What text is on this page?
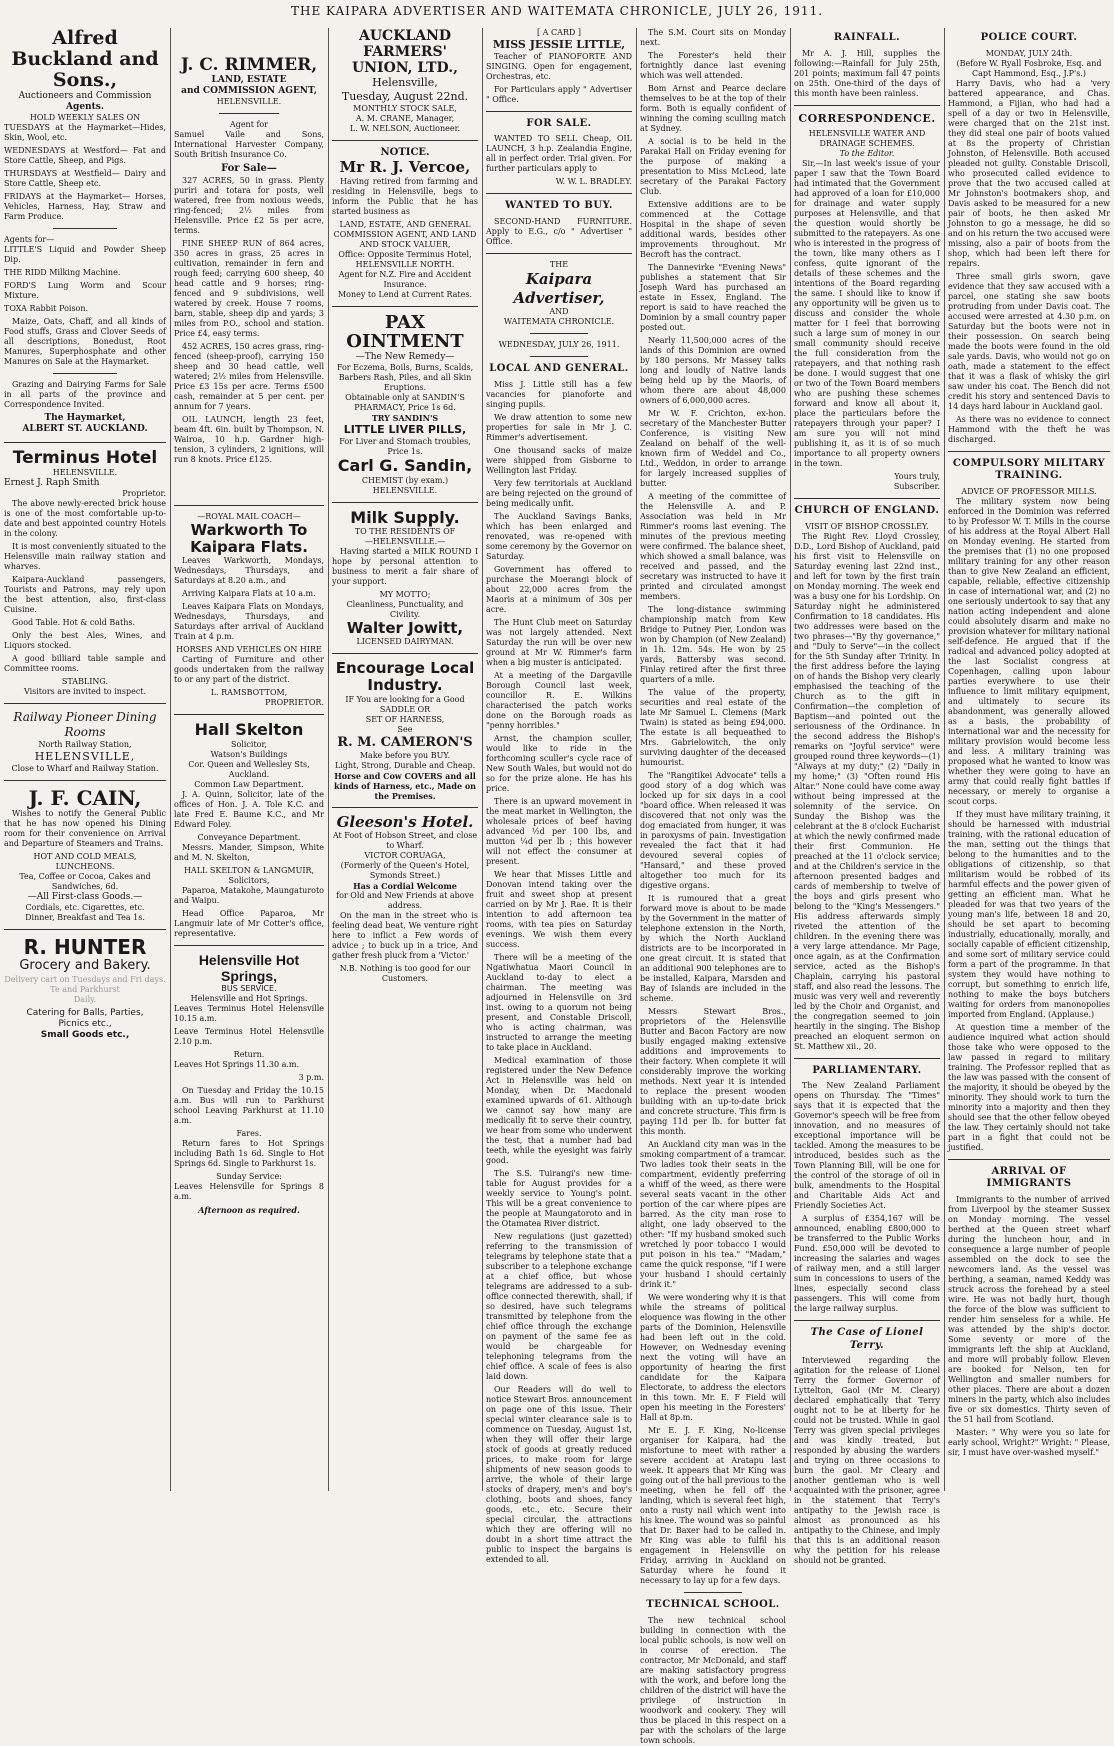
THE KAIPARA ADVERTISER AND WAITEMATA CHRONICLE, JULY 26, 1911.
Alfred Buckland and Sons.,
Auctioneers and Commission
Agents.
HOLD WEEKLY SALES ON

TUESDAYS at the Haymarket—Hides, Skin, Wool, etc.

WEDNESDAYS at Westford— Fat and Store Cattle, Sheep, and Pigs.

THURSDAYS at Westfield— Dairy and Store Cattle, Sheep etc.

FRIDAYS at the Haymarket— Horses, Vehicles, Harness, Hay, Straw and Farm Produce.

Agents for—

LITTLE'S Liquid and Powder Sheep Dip.

THE RIDD Milking Machine.

FORD'S Lung Worm and Scour Mixture.

TOXA Rabbit Poison.

Maize, Oats, Chaff, and all kinds of Food stuffs, Grass and Clover Seeds of all descriptions, Bonedust, Root Manures, Superphosphate and other Manures on Sale at the Haymarket.

Grazing and Dairying Farms for Sale in all parts of the province and Correspondence Invited.

The Haymarket,
ALBERT ST. AUCKLAND.
Terminus Hotel
HELENSVILLE.
Ernest J. Raph Smith
Proprietor.

The above newly-erected brick house is one of the most comfortable up-to-date and best appointed country Hotels in the colony.

It is most conveniently situated to the Helensville main railway station and wharves.

Kaipara-Auckland passengers, Tourists and Patrons, may rely upon the best attention, also, first-class Cuisine.

Good Table. Hot & cold Baths.

Only the best Ales, Wines, and Liquors stocked.

A good billiard table sample and Committee rooms.

STABLING.
Visitors are invited to inspect.
Railway Pioneer Dining Rooms
North Railway Station,
HELENSVILLE,
Close to Wharf and Railway Station.
J. F. CAIN,

Wishes to notify the General Public that he has now opened his Dining room for their convenience on Arrival and Departure of Steamers and Trains.

HOT AND COLD MEALS, LUNCHEONS.
Tea, Coffee or Cocoa, Cakes and Sandwiches, 6d.
—All First-class Goods.—
Cordials, etc. Cigarettes, etc.
Dinner, Breakfast and Tea 1s.
R. HUNTER
Grocery and Bakery.
Delivery cart on Tuesdays and Fri days.
Te and Parkhurst
Daily.
Catering for Balls, Parties,
Picnics etc.,
Small Goods etc.,
J. C. RIMMER,
LAND, ESTATE
and COMMISSION AGENT,
HELENSVILLE.
Agent for

Samuel Vaile and Sons, International Harvester Company, South British Insurance Co.

For Sale—

327 ACRES, 50 in grass. Plenty puriri and totara for posts, well watered, free from noxious weeds, ring-fenced; 2½ miles from Helensville. Price £2 5s per acre, terms.

FINE SHEEP RUN of 864 acres, 350 acres in grass, 25 acres in cultivation, remainder in fern and rough feed; carrying 600 sheep, 40 head cattle and 9 horses; ring-fenced and 9 subdivisions, well watered by creek. House 7 rooms, barn, stable, sheep dip and yards; 3 miles from P.O., school and station. Price £4, easy terms.

452 ACRES, 150 acres grass, ring-fenced (sheep-proof), carrying 150 sheep and 30 head cattle, well watered; 2½ miles from Helensville. Price £3 15s per acre. Terms £500 cash, remainder at 5 per cent. per annum for 7 years.

OIL LAUNCH, length 23 feet, beam 4ft. 6in. built by Thompson, N. Wairoa, 10 h.p. Gardner high-tension, 3 cylinders, 2 ignitions, will run 8 knots. Price £125.

—ROYAL MAIL COACH—
Warkworth To Kaipara Flats.

Leaves Warkworth, Mondays, Wednesdays, Thursdays, and Saturdays at 8.20 a.m., and

Arriving Kaipara Flats at 10 a.m.

Leaves Kaipara Flats on Mondays, Wednesdays, Thursdays, and Saturdays after arrival of Auckland Train at 4 p.m.

HORSES AND VEHICLES ON HIRE

Carting of Furniture and other goods undertaken from the railway to or any part of the district.

L. RAMSBOTTOM,
PROPRIETOR.
Hall Skelton
Solicitor,
Watson's Buildings
Cor. Queen and Wellesley Sts, Auckland.
Common Law Department.

J. A. Quinn, Solicitor, late of the offices of Hon. J. A. Tole K.C. and late Fred E. Baume K.C., and Mr Edward Foley.

Conveyance Department.

Messrs. Mander, Simpson, White and M. N. Skelton,

HALL SKELTON & LANGMUIR,
Solicitors,

Paparoa, Matakohe, Maungaturoto and Waipu.

Head Office Paparoa, Mr Langmuir late of Mr Cotter's office, representative.

Helensville Hot Springs,
BUS SERVICE.
Helensville and Hot Springs.

Leaves Terminus Hotel Helensville 10.15 a.m.

Leave Terminus Hotel Helensville 2.10 p.m.

Return.

Leaves Hot Springs 11.30 a.m.

3 p.m.

On Tuesday and Friday the 10.15 a.m. Bus will run to Parkhurst school Leaving Parkhurst at 11.10 a.m.

Fares.

Return fares to Hot Springs including Bath 1s 6d. Single to Hot Springs 6d. Single to Parkhurst 1s.

Sunday Service:

Leaves Helensville for Springs 8 a.m.

Afternoon as required.
AUCKLAND FARMERS' UNION, LTD.,
Helensville,
Tuesday, August 22nd.
MONTHLY STOCK SALE,
A. M. CRANE, Manager,
L. W. NELSON, Auctioneer.
NOTICE.
Mr R. J. Vercoe,

Having retired from farming and residing in Helensville, begs to inform the Public that he has started business as

LAND, ESTATE, AND GENERAL COMMISSION AGENT, AND LAND AND STOCK VALUER,
Office: Opposite Terminus Hotel, HELENSVILLE NORTH.
Agent for N.Z. Fire and Accident Insurance.
Money to Lend at Current Rates.
PAX OINTMENT
—The New Remedy—
For Eczema, Boils, Burns, Scalds, Barbers Rash, Piles, and all Skin Eruptions.
Obtainable only at SANDIN'S PHARMACY, Price 1s 6d.
TRY SANDIN'S
LITTLE LIVER PILLS,
For Liver and Stomach troubles, Price 1s.
Carl G. Sandin,
CHEMIST (by exam.) HELENSVILLE.
Milk Supply.
TO THE RESIDENTS OF
—HELENSVILLE.—

Having started a MILK ROUND I hope by personal attention to business to merit a fair share of your support.

MY MOTTO;
Cleanliness, Punctuality, and Civility.
Walter Jowitt,
LICENSED DAIRYMAN.
Encourage Local Industry.
IF You are looking for a Good
SADDLE OR
SET OF HARNESS,
See
R. M. CAMERON'S
Make before you BUY.
Light, Strong, Durable and Cheap.
Horse and Cow COVERS and all kinds of Harness, etc., Made on the Premises.
Gleeson's Hotel.
At Foot of Hobson Street, and close to Wharf.
VICTOR CORUAGA,
(Formerly of the Queen's Hotel, Symonds Street.)
Has a Cordial Welcome
for Old and New Friends at above address.

On the man in the street who is feeling dead beat, We venture right here to inflict a Few words of advice ; to buck up in a trice, And gather fresh pluck from a 'Victor.'

N.B. Nothing is too good for our Customers.
[ A CARD ]
MISS JESSIE LITTLE,

Teacher of PIANOFORTE AND SINGING. Open for engagement, Orchestras, etc.

For Particulars apply " Advertiser " Office.

FOR SALE.

WANTED TO SELL Cheap, OIL LAUNCH, 3 h.p. Zealandia Engine, all in perfect order. Trial given. For further particulars apply to

W. W. L. BRADLEY.
WANTED TO BUY.

SECOND-HAND FURNITURE. Apply to E.G., c/o " Advertiser " Office.

THE
Kaipara Advertiser,
AND
WAITEMATA CHRONICLE.
WEDNESDAY, JULY 26, 1911.
LOCAL AND GENERAL.

Miss J. Little still has a few vacancies for pianoforte and singing pupils.

We draw attention to some new properties for sale in Mr J. C. Rimmer's advertisement.

One thousand sacks of maize were shipped from Gisborne to Wellington last Friday.

Very few territorials at Auckland are being rejected on the ground of being medically unfit.

The Auckland Savings Banks, which has been enlarged and renovated, was re-opened with some ceremony by the Governor on Saturday.

Government has offered to purchase the Moerangi block of about 22,000 acres from the Maoris at a minimum of 30s per acre.

The Hunt Club meet on Saturday was not largely attended. Next Saturday the run will be over new ground at Mr W. Rimmer's farm when a big muster is anticipated.

At a meeting of the Dargaville Borough Council last week, councillor R. E. Wilkins characterised the patch works done on the Borough roads as "penny horribles."

Arnst, the champion sculler, would like to ride in the forthcoming sculler's cycle race of New South Wales, but would not do so for the prize alone. He has his price.

There is an upward movement in the meat market in Wellington, the wholesale prices of beef having advanced ½d per 100 lbs, and mutton ¼d per lb ; this however will not effect the consumer at present.

We hear that Misses Little and Donovan intend taking over the fruit and sweet shop at present carried on by Mr J. Rae. It is their intention to add afternoon tea rooms, with tea pies on Saturday evenings. We wish them every success.

There will be a meeting of the Ngatiwhatua Maori Council in Auckland to-day to elect a chairman. The meeting was adjourned in Helensville on 3rd inst. owing to a quorum not being present, and Constable Driscoll, who is acting chairman, was instructed to arrange the meeting to take place in Auckland.

Medical examination of those registered under the New Defence Act in Helensville was held on Monday, when Dr. Macdonald examined upwards of 61. Although we cannot say how many are medically fit to serve their country, we hear from some who underwent the test, that a number had bad teeth, while the eyesight was fairly good.

The S.S. Tuirangi's new time-table for August provides for a weekly service to Young's point. This will be a great convenience to the people at Maungatoroto and in the Otamatea River district.

New regulations (just gazetted) referring to the transmission of telegrams by telephone state that a subscriber to a telephone exchange at a chief office, but whose telegrams are addressed to a sub-office connected therewith, shall, if so desired, have such telegrams transmitted by telephone from the chief office through the exchange on payment of the same fee as would be chargeable for telephoning telegrams from the chief office. A scale of fees is also laid down.

Our Readers will do well to notice Stewart Bros. announcement on page one of this issue. Their special winter clearance sale is to commence on Tuesday, August 1st, when they will offer their large stock of goods at greatly reduced prices, to make room for large shipments of new season goods to arrive, the whole of their large stocks of drapery, men's and boy's clothing, boots and shoes, fancy goods, etc., etc. Secure their special circular, the attractions which they are offering will no doubt in a short time attract the public to inspect the bargains is extended to all.

The S.M. Court sits on Monday next.

The Forester's held their fortnightly dance last evening which was well attended.

Bom Arnst and Pearce declare themselves to be at the top of their form. Both is equally confident of winning the coming sculling match at Sydney.

A social is to be held in the Parakai Hall on Friday evening for the purpose of making a presentation to Miss McLeod, late secretary of the Parakai Factory Club.

Extensive additions are to be commenced at the Cottage Hospital in the shape of seven additional wards, besides other improvements throughout. Mr Becroft has the contract.

The Dannevirke "Evening News" publishes a statement that Sir Joseph Ward has purchased an estate in Essex, England. The report is said to have reached the Dominion by a small country paper posted out.

Nearly 11,500,000 acres of the lands of this Dominion are owned by 180 persons. Mr Massey talks long and loudly of Native lands being held up by the Maoris, of whom there are about 48,000 owners of 6,000,000 acres.

Mr W. F. Crichton, ex-hon. secretary of the Manchester Butter Conference, is visiting New Zealand on behalf of the well-known firm of Weddel and Co., Ltd., Weddon, in order to arrange for largely increased supplies of butter.

A meeting of the committee of the Helensville A. and P. Association was held in Mr Rimmer's rooms last evening. The minutes of the previous meeting were confirmed. The balance sheet, which showed a small balance, was received and passed, and the secretary was instructed to have it printed and circulated amongst members.

The long-distance swimming championship match from Kew Bridge to Putney Pier, London was won by Champion (of New Zealand) in 1h. 12m. 54s. He won by 25 yards, Battersby was second. Finlay retired after the first three quarters of a mile.

The value of the property, securities and real estate of the late Mr Samuel L. Clemens (Mark Twain) is stated as being £94,000. The estate is all bequeathed to Mrs. Gabrielowitch, the only surviving daughter of the deceased humourist.

The "Rangitikei Advocate" tells a good story of a dog which was locked up for six days in a cool "board office. When released it was discovered that not only was the dog emaciated from hunger, it was in paroxysms of pain. Investigation revealed the fact that it had devoured several copies of "Hansard," and these proved altogether too much for its digestive organs.

It is rumoured that a great forward move is about to be made by the Government in the matter of telephone extension in the North, by which the North Auckland districts are to be incorporated in one great circuit. It is stated that an additional 900 telephones are to be installed, Kaipara, Marsden and Bay of Islands are included in the scheme.

Messrs Stewart Bros., proprietors of the Helensville Butter and Bacon Factory are now busily engaged making extensive additions and improvements to their factory. When complete it will considerably improve the working methods. Next year it is intended to replace the present wooden building with an up-to-date brick and concrete structure. This firm is paying 11d per lb. for butter fat this month.

An Auckland city man was in the smoking compartment of a tramcar. Two ladies took their seats in the compartment, evidently preferring a whiff of the weed, as there were several seats vacant in the other portion of the car where pipes are barred. As the city man rose to alight, one lady observed to the other: "If my husband smoked such wretched ly poor tobacco I would put poison in his tea." "Madam," came the quick response, "if I were your husband I should certainly drink it."

We were wondering why it is that while the streams of political eloquence was flowing in the other parts of the Dominion, Helensville had been left out in the cold. However, on Wednesday evening next the voting will have an opportunity of hearing the first candidate for the Kaipara Electorate, to address the electors in this town. Mr. E. F Field will open his meeting in the Foresters' Hall at 8p.m.

Mr E. J. F. King, No-license organiser for Kaipara, had the misfortune to meet with rather a severe accident at Aratapu last week. It appears that Mr King was going out of the hall previous to the meeting, when he fell off the landing, which is several feet high, onto a rusty nail which went into his knee. The wound was so painful that Dr. Baxer had to be called in. Mr King was able to fulfil his engagement in Helensville on Friday, arriving in Auckland on Saturday where he found it necessary to lay up for a few days.

TECHNICAL SCHOOL.

The new technical school building in connection with the local public schools, is now well on in course of erection. The contractor, Mr McDonald, and staff are making satisfactory progress with the work, and before long the children of the district will have the privilege of instruction in woodwork and cookery. They will thus be placed in this respect on a par with the scholars of the large town schools.

RAINFALL.

Mr A. J. Hill, supplies the following:—Rainfall for July 25th, 201 points; maximum fall 47 points on 25th. One-third of the days of this month have been rainless.

CORRESPONDENCE.
HELENSVILLE WATER AND DRAINAGE SCHEMES.
To the Editor.

Sir,—In last week's issue of your paper I saw that the Town Board had intimated that the Government had approved of a loan for £10,000 for drainage and water supply purposes at Helensville, and that the question would shortly be submitted to the ratepayers. As one who is interested in the progress of the town, like many others as I confess, quite ignorant of the details of these schemes and the intentions of the Board regarding the same. I should like to know if any opportunity will be given us to discuss and consider the whole matter for I feel that borrowing such a large sum of money in our small community should receive the full consideration from the ratepayers, and that nothing rash be done. I would suggest that one or two of the Town Board members who are pushing these schemes forward and know all about it, place the particulars before the ratepayers through your paper? I am sure you will not mind publishing it, as it is of so much importance to all property owners in the town.

Yours truly,
Subscriber.
CHURCH OF ENGLAND.
VISIT OF BISHOP CROSSLEY.

The Right Rev. Lloyd Crossley, D.D., Lord Bishop of Auckland, paid his first visit to Helensville on Saturday evening last 22nd inst., and left for town by the first train on Monday morning. The week end was a busy one for his Lordship. On Saturday night he administered Confirmation to 18 candidates. His two addresses were based on the two phrases—"By thy governance," and "Duly to Serve"—in the collect for the 5th Sunday after Trinity. In the first address before the laying on of hands the Bishop very clearly emphasised the teaching of the Church as to the gift in Confirmation—the completion of Baptism—and pointed out the seriousness of the Ordinance. In the second address the Bishop's remarks on "Joyful service" were grouped round three keywords—(1) "Always at my duty;" (2) "Daily in my home;" (3) "Often round His Altar." None could have come away without being impressed at the solemnity of the service. On Sunday the Bishop was the celebrant at the 8 o'clock Eucharist at which the newly confirmed made their first Communion. He preached at the 11 o'clock service; and at the Children's service in the afternoon presented badges and cards of membership to twelve of the boys and girls present who belong to the "King's Messengers." His address afterwards simply riveted the attention of the children. In the evening there was a very large attendance. Mr Page, once again, as at the Confirmation service, acted as the Bishop's Chaplain, carrying his pastoral staff, and also read the lessons. The music was very well and reverently led by the Choir and Organist, and the congregation seemed to join heartily in the singing. The Bishop preached an eloquent sermon on St. Matthew xii., 20.

PARLIAMENTARY.

The New Zealand Parliament opens on Thursday. The "Times" says that it is expected that the Governor's speech will be free from innovation, and no measures of exceptional importance will be tackled. Among the measures to be introduced, besides such as the Town Planning Bill, will be one for the control of the storage of oil in bulk, amendments to the Hospital and Charitable Aids Act and Friendly Societies Act.

A surplus of £354,167 will be announced, enabling £800,000 to be transferred to the Public Works Fund. £50,000 will be devoted to increasing the salaries and wages of railway men, and a still larger sum in concessions to users of the lines, especially second class passengers. This will come from the large railway surplus.

The Case of Lionel Terry.

Interviewed regarding the agitation for the release of Lionel Terry the former Governor of Lyttelton, Gaol (Mr M. Cleary) declared emphatically that Terry ought not to be at liberty for he could not be trusted. While in gaol Terry was given special privileges and was kindly treated, but responded by abusing the warders and trying on three occasions to burn the gaol. Mr Cleary and another gentleman who is well acquainted with the prisoner, agree in the statement that Terry's antipathy to the Jewish race is almost as pronounced as his antipathy to the Chinese, and imply that this is an additional reason why the petition for his release should not be granted.

POLICE COURT.
MONDAY, JULY 24th.
(Before W. Ryall Fosbroke, Esq. and Capt Hammond, Esq., J.P's.)

Harry Davis, who had a 'very battered appearance, and Chas. Hammond, a Fijian, who had had a spell of a day or two in Helensville, were charged that on the 21st inst. they did steal one pair of boots valued at 8s the property of Christian Johnston, of Helensville. Both accused pleaded not guilty. Constable Driscoll, who prosecuted called evidence to prove that the two accused called at Mr Johnston's bootmakers shop, and Davis asked to be measured for a new pair of boots, he then asked Mr Johnston to go a message, he did so and on his return the two accused were missing, also a pair of boots from the shop, which had been left there for repairs.

Three small girls sworn, gave evidence that they saw accused with a parcel, one stating she saw boots protruding from under Davis coat. The accused were arrested at 4.30 p.m. on Saturday but the boots were not in their possession. On search being made the boots were found in the old sale yards. Davis, who would not go on oath, made a statement to the effect that it was a flask of whisky the girl saw under his coat. The Bench did not credit his story and sentenced Davis to 14 days hard labour in Auckland gaol.

As there was no evidence to connect Hammond with the theft he was discharged.

COMPULSORY MILITARY TRAINING.
ADVICE OF PROFESSOR MILLS.

The military system now being enforced in the Dominion was referred to by Professor W. T. Mills in the course of his address at the Royal Albert Hall on Monday evening. He started from the premises that (1) no one proposed military training for any other reason than to give New Zealand an efficient, capable, reliable, effective citizenship in case of international war, and (2) no one seriously undertook to say that any nation acting independent and alone could absolutely disarm and make no provision whatever for military national self-defence. He argued that if the radical and advanced policy adopted at the last Socialist congress at Copenhagen, calling upon labour parties everywhere to use their influence to limit military equipment, and ultimately to secure its abandonment, was generally allowed as a basis, the probability of international war and the necessity for military provision would become less and less. A military training was proposed what he wanted to know was whether they were going to have an army that could really fight battles if necessary, or merely to organise a scout corps.

If they must have military training, it should be harnessed with industrial training, with the rational education of the man, setting out the things that belong to the humanities and to the obligations of citizenship, so that militarism would be robbed of its harmful effects and the power given of getting an efficient man. What he pleaded for was that two years of the young man's life, between 18 and 20, should be set apart to becoming industrially, educationally, morally, and socially capable of efficient citizenship, and some sort of military service could form a part of the programme. In that system they would have nothing to corrupt, but something to enrich life, nothing to make the boys butchers waiting for orders from manonopolies imported from England. (Applause.)

At question time a member of the audience inquired what action should those take who were opposed to the law passed in regard to military training. The Professor replied that as the law was passed with the consent of the majority, it should be obeyed by the minority. They should work to turn the minority into a majority and then they should see that the other fellow obeyed the law. They certainly should not take part in a fight that could not be justified.

ARRIVAL OF IMMIGRANTS

Immigrants to the number of arrived from Liverpool by the steamer Sussex on Monday morning. The vessel berthed at the Queen street wharf during the luncheon hour, and in consequence a large number of people assembled on the dock to see the newcomers land. As the vessel was berthing, a seaman, named Keddy was struck across the forehead by a steel wire. He was not badly hurt, though the force of the blow was sufficient to render him senseless for a while. He was attended by the ship's doctor. Some seventy or more of the immigrants left the ship at Auckland, and more will probably follow. Eleven are booked for Nelson, ten for Wellington and smaller numbers for other places. There are about a dozen miners in the party, which also includes five or six domestics. Thirty seven of the 51 hail from Scotland.

Master: " Why were you so late for early school, Wright?" Wright: " Please, sir, I must have over-washed myself."
